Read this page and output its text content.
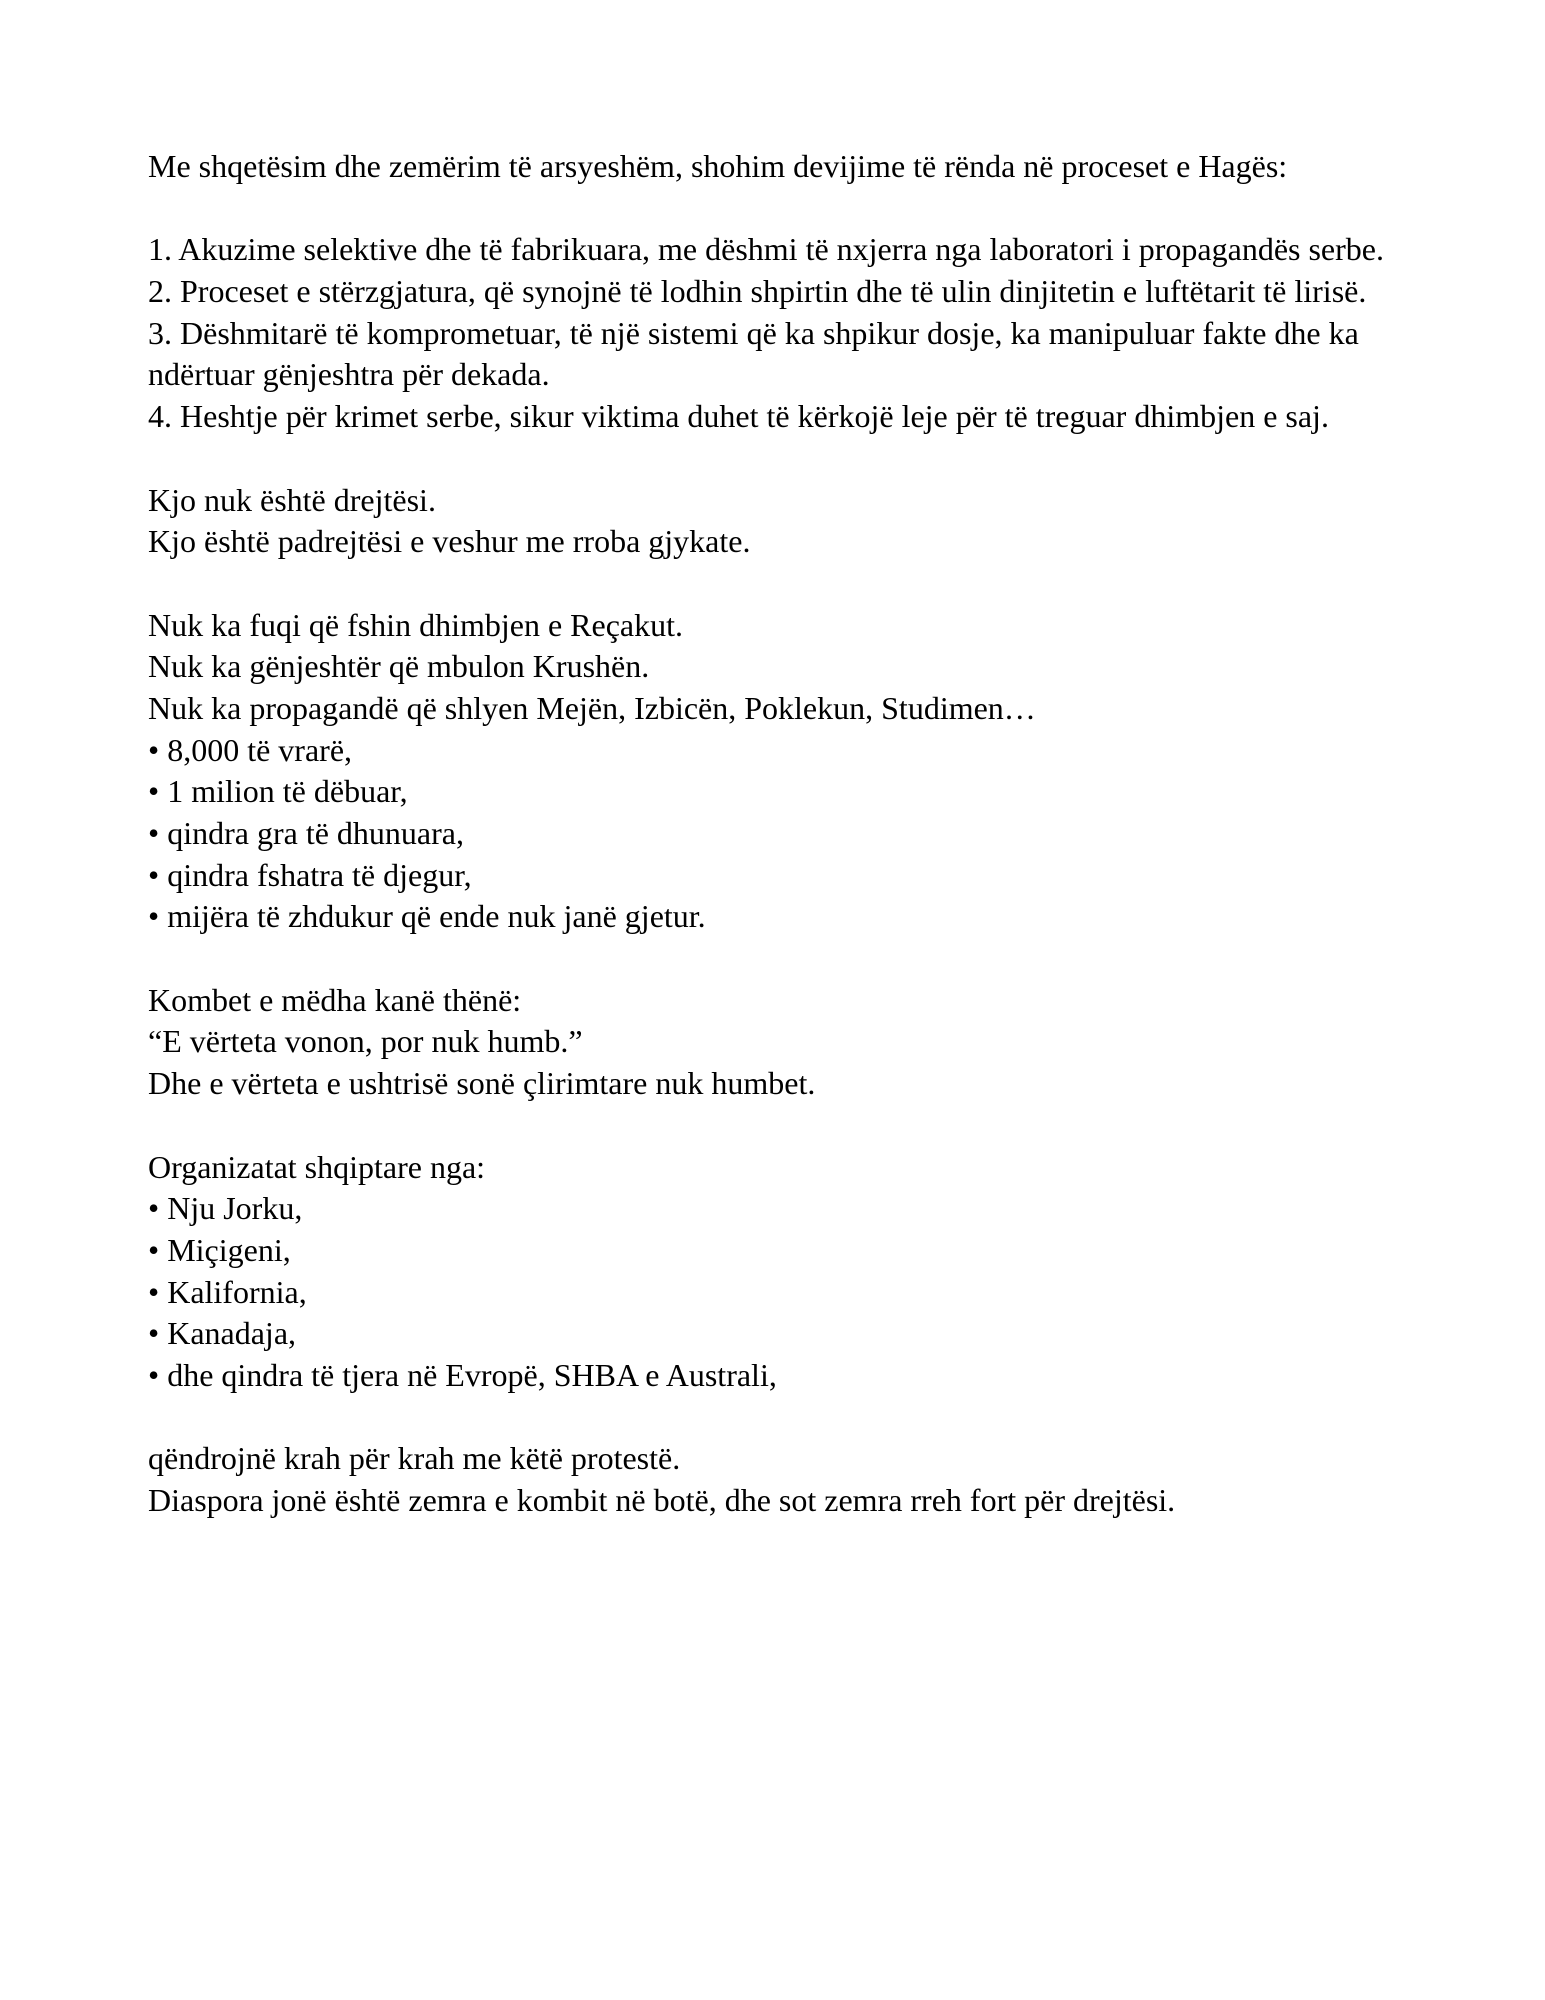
Me shqetësim dhe zemërim të arsyeshëm, shohim devijime të rënda në proceset e Hagës:
1. Akuzime selektive dhe të fabrikuara, me dëshmi të nxjerra nga laboratori i propagandës serbe.
2. Proceset e stërzgjatura, që synojnë të lodhin shpirtin dhe të ulin dinjitetin e luftëtarit të lirisë.
3. Dëshmitarë të komprometuar, të një sistemi që ka shpikur dosje, ka manipuluar fakte dhe ka
ndërtuar gënjeshtra për dekada.
4. Heshtje për krimet serbe, sikur viktima duhet të kërkojë leje për të treguar dhimbjen e saj.
Kjo nuk është drejtësi.
Kjo është padrejtësi e veshur me rroba gjykate.
Nuk ka fuqi që fshin dhimbjen e Reçakut.
Nuk ka gënjeshtër që mbulon Krushën.
Nuk ka propagandë që shlyen Mejën, Izbicën, Poklekun, Studimen…
• 8,000 të vrarë,
• 1 milion të dëbuar,
• qindra gra të dhunuara,
• qindra fshatra të djegur,
• mijëra të zhdukur që ende nuk janë gjetur.
Kombet e mëdha kanë thënë:
“E vërteta vonon, por nuk humb.”
Dhe e vërteta e ushtrisë sonë çlirimtare nuk humbet.
Organizatat shqiptare nga:
• Nju Jorku,
• Miçigeni,
• Kalifornia,
• Kanadaja,
• dhe qindra të tjera në Evropë, SHBA e Australi,
qëndrojnë krah për krah me këtë protestë.
Diaspora jonë është zemra e kombit në botë, dhe sot zemra rreh fort për drejtësi.
